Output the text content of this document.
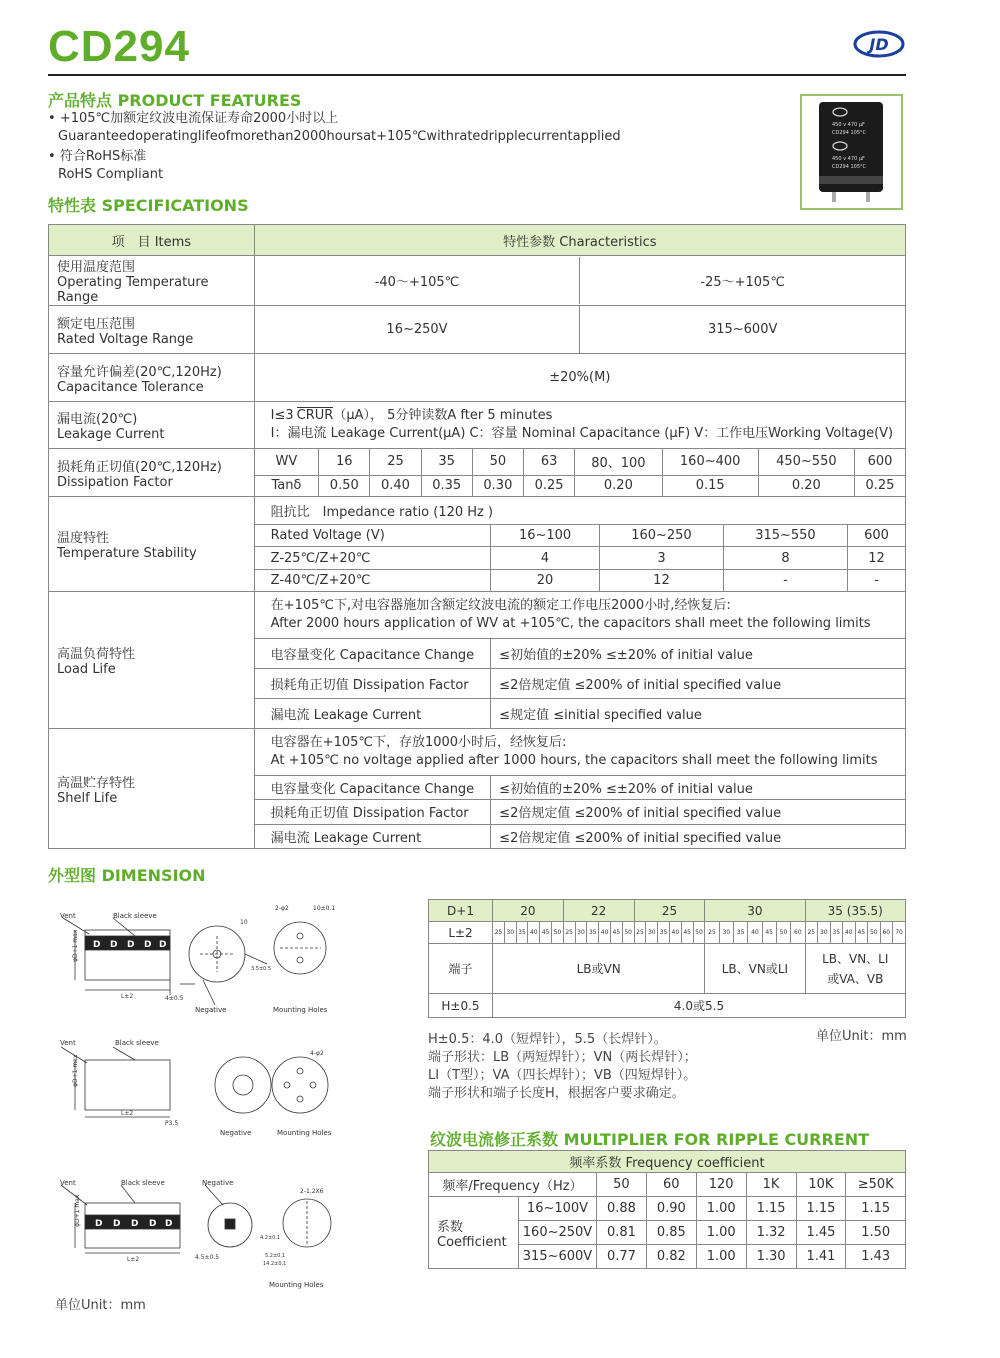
CD294	JD
产品特点 PRODUCT FEATURES
• +105℃加额定纹波电流保证寿命2000小时以上
Guaranteedoperatinglifeofmorethan2000hoursat+105℃withratedripplecurrentapplied
• 符合RoHS标准
RoHS Compliant
450 v 470 μF
CD294 105°C
450 v 470 μF
CD294 105°C
特性表 SPECIFICATIONS
项　目 Items	特性参数 Characteristics

使用温度范围
Operating Temperature Range

-40～+105℃	-25～+105℃

额定电压范围
Rated Voltage Range

16~250V	315~600V

容量允许偏差(20℃,120Hz)
Capacitance Tolerance
	±20%(M)

漏电流(20℃)
Leakage Current

I≤3 CRUR（μA）， 5分钟读数A fter 5 minutes
I：漏电流 Leakage Current(μA) C：容量 Nominal Capacitance (μF) V：工作电压Working Voltage(V)

损耗角正切值(20℃,120Hz)
Dissipation Factor

WV	16	25	35	50	63	80、100	160~400	450~550	600
Tanδ	0.50	0.40	0.35	0.30	0.25	0.20	0.15	0.20	0.25

温度特性
Temperature Stability

阻抗比　Impedance ratio (120 Hz )
Rated Voltage (V)	16~100	160~250	315~550	600
Z-25℃/Z+20℃	4	3	8	12
Z-40℃/Z+20℃	20	12	-	-

高温负荷特性
Load Life

在+105℃下,对电容器施加含额定纹波电流的额定工作电压2000小时,经恢复后:
After 2000 hours application of WV at +105℃, the capacitors shall meet the following limits

电容量变化 Capacitance Change	≤初始值的±20% ≤±20% of initial value
损耗角正切值 Dissipation Factor	≤2倍规定值 ≤200% of initial specified value
漏电流 Leakage Current	≤规定值 ≤initial specified value

高温贮存特性
Shelf Life

电容器在+105℃下，存放1000小时后，经恢复后:
At +105℃ no voltage applied after 1000 hours, the capacitors shall meet the following limits

电容量变化 Capacitance Change	≤初始值的±20% ≤±20% of initial value
损耗角正切值 Dissipation Factor	≤2倍规定值 ≤200% of initial specified value
漏电流 Leakage Current	≤2倍规定值 ≤200% of initial specified value
外型图 DIMENSION
Vent	Black sleeve
D D D D D
φD+1 max
L±2	4±0.5
Negative
3.5±0.5
10
2-φ2	10±0.1
Mounting Holes
Vent	Black sleeve
φD+1 max
L±2
P3.5
Negative
4-φ2
Mounting Holes
D D D D D
Vent	Black sleeve	Negative
φD+1 max
L±2	4.5±0.5
2-1.2X6
4.2±0.1
5.2±0.1
14.2±0.1
Mounting Holes
D+1	20						22						25						30							35 (35.5)							
L±2	25	30	35	40	45	50	25	30	35	40	45	50	25	30	35	40	45	50	25	30	35	40	45	50	60	25	30	35	40	45	50	60	70
端子	LB或VN																		LB、VN或LI							LB、VN、LI
或VA、VB							

H±0.5	4.0或5.5																																
单位Unit：mm
H±0.5：4.0（短焊针），5.5（长焊针）。
端子形状：LB（两短焊针）；VN（两长焊针）；
LI（T型）；VA（四长焊针）；VB（四短焊针）。
端子形状和端子长度H，根据客户要求确定。
纹波电流修正系数 MULTIPLIER FOR RIPPLE CURRENT
频率系数 Frequency coefficient							
频率/Frequency（Hz）		50	60	120	1K	10K	≥50K

系数
Coefficient	16~100V	0.88	0.90	1.00	1.15	1.15	1.15
	160~250V	0.81	0.85	1.00	1.32	1.45	1.50
	315~600V	0.77	0.82	1.00	1.30	1.41	1.43
单位Unit：mm
